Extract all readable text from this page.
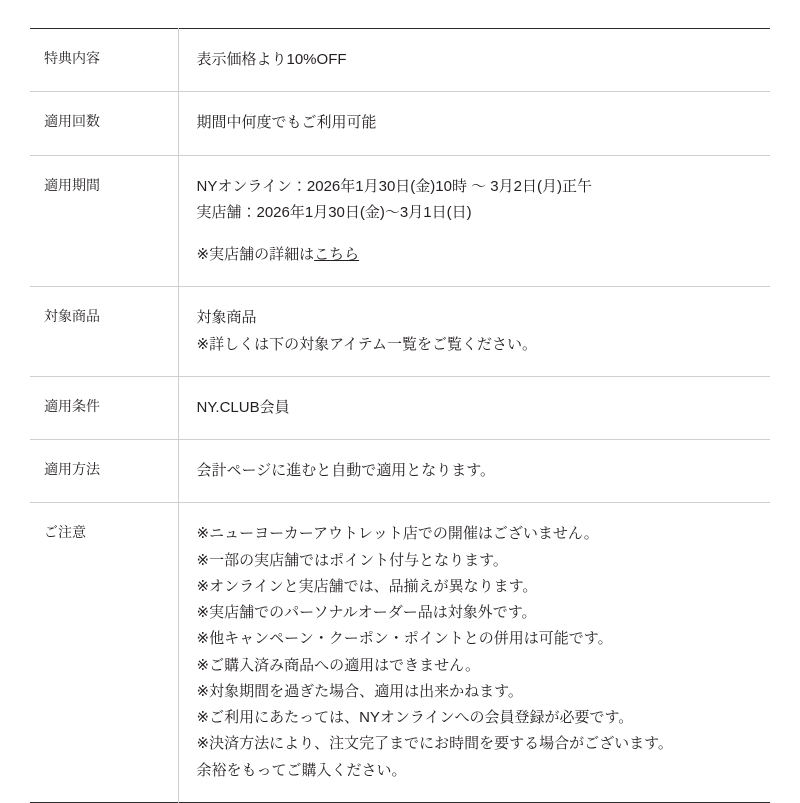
特典内容	表示価格より10%OFF

適用回数	期間中何度でもご利用可能

適用期間	NYオンライン：2026年1月30日(金)10時 〜 3月2日(月)正午
実店舗：2026年1月30日(金)〜3月1日(日)
※実店舗の詳細はこちら

対象商品	対象商品
※詳しくは下の対象アイテム一覧をご覧ください。

適用条件	NY.CLUB会員

適用方法	会計ページに進むと自動で適用となります。

ご注意	※ニューヨーカーアウトレット店での開催はございません。
※一部の実店舗ではポイント付与となります。
※オンラインと実店舗では、品揃えが異なります。
※実店舗でのパーソナルオーダー品は対象外です。
※他キャンペーン・クーポン・ポイントとの併用は可能です。
※ご購入済み商品への適用はできません。
※対象期間を過ぎた場合、適用は出来かねます。
※ご利用にあたっては、NYオンラインへの会員登録が必要です。
※決済方法により、注文完了までにお時間を要する場合がございます。
余裕をもってご購入ください。
